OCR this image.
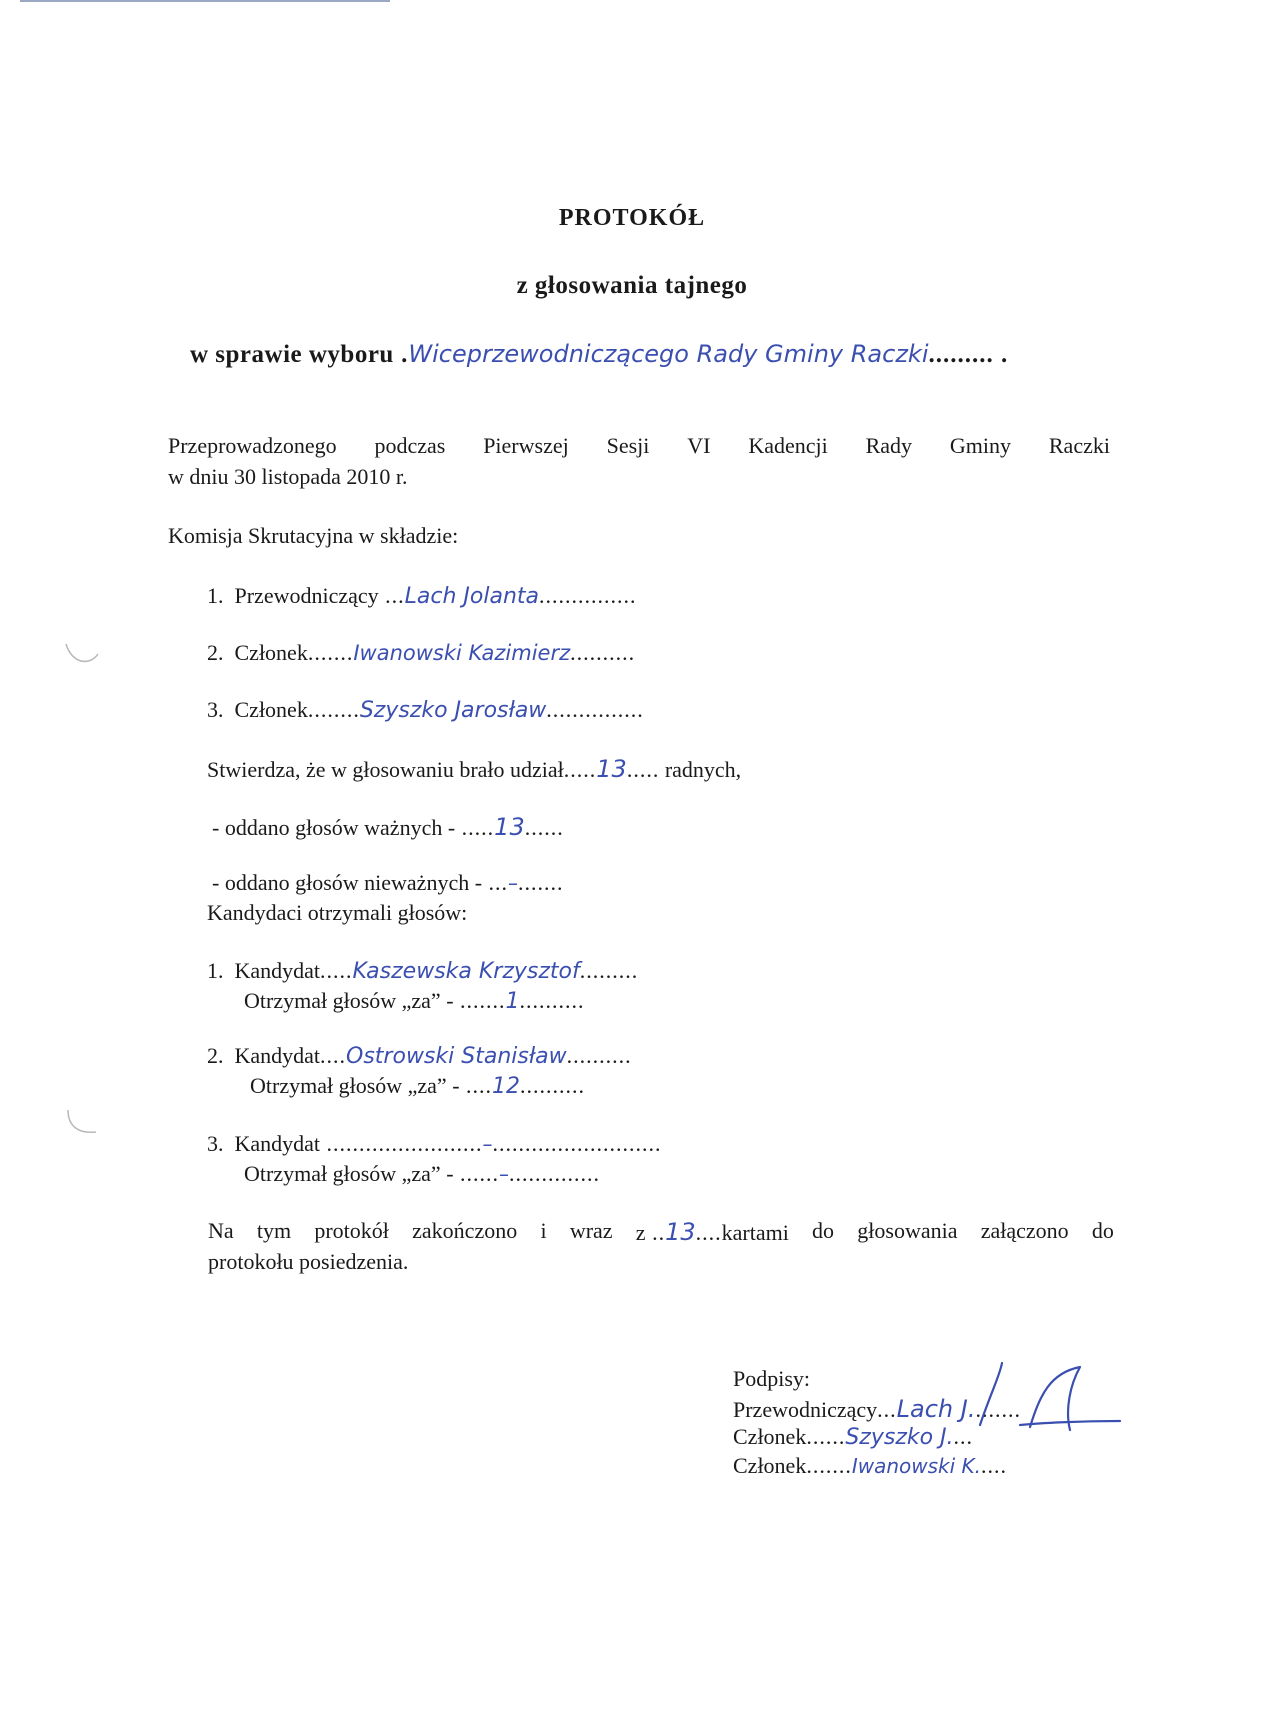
PROTOKÓŁ
z głosowania tajnego
w sprawie wyboru .Wiceprzewodniczącego Rady Gminy Raczki......... .
Przeprowadzonego podczas Pierwszej Sesji VI Kadencji Rady Gminy Raczki
w dniu 30 listopada 2010 r.
Komisja Skrutacyjna w składzie:
1. Przewodniczący ...Lach Jolanta...............
2. Członek.......Iwanowski Kazimierz..........
3. Członek........Szyszko Jarosław...............
Stwierdza, że w głosowaniu brało udział.....13..... radnych,
- oddano głosów ważnych - .....13......
- oddano głosów nieważnych - ...–.......
Kandydaci otrzymali głosów:
1. Kandydat.....Kaszewska Krzysztof.........
Otrzymał głosów „za” - .......1..........
2. Kandydat....Ostrowski Stanisław..........
Otrzymał głosów „za” - ....12..........
3. Kandydat ........................–..........................
Otrzymał głosów „za” - ......–..............
Na tym protokół zakończono i wraz z ..13....kartami do głosowania załączono do
protokołu posiedzenia.
Podpisy:
Przewodniczący...Lach J........
Członek......Szyszko J....
Członek.......Iwanowski K.....
